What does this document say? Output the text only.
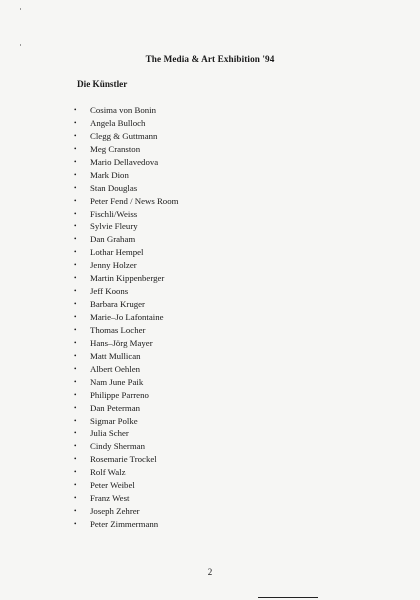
The Media & Art Exhibition '94
Die Künstler
•	Cosima von Bonin
•	Angela Bulloch
•	Clegg & Guttmann
•	Meg Cranston
•	Mario Dellavedova
•	Mark Dion
•	Stan Douglas
•	Peter Fend / News Room
•	Fischli/Weiss
•	Sylvie Fleury
•	Dan Graham
•	Lothar Hempel
•	Jenny Holzer
•	Martin Kippenberger
•	Jeff Koons
•	Barbara Kruger
•	Marie–Jo Lafontaine
•	Thomas Locher
•	Hans–Jörg Mayer
•	Matt Mullican
•	Albert Oehlen
•	Nam June Paik
•	Philippe Parreno
•	Dan Peterman
•	Sigmar Polke
•	Julia Scher
•	Cindy Sherman
•	Rosemarie Trockel
•	Rolf Walz
•	Peter Weibel
•	Franz West
•	Joseph Zehrer
•	Peter Zimmermann
2
